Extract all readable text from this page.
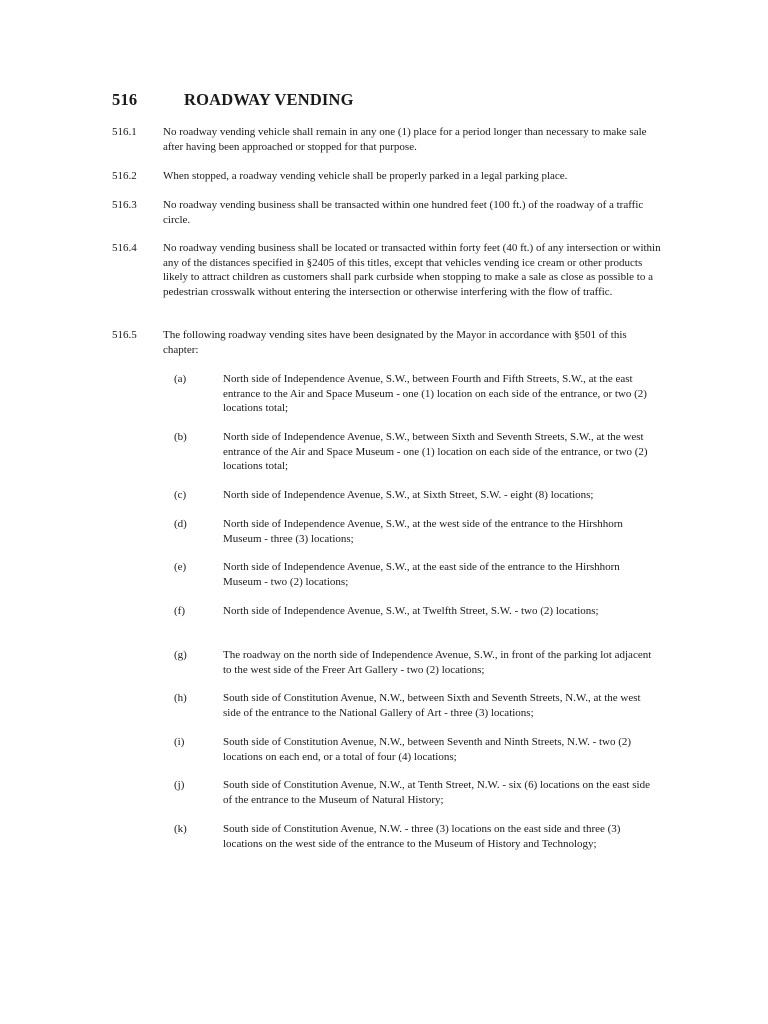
516	ROADWAY VENDING
516.1 No roadway vending vehicle shall remain in any one (1) place for a period longer than necessary to make sale after having been approached or stopped for that purpose.
516.2 When stopped, a roadway vending vehicle shall be properly parked in a legal parking place.
516.3 No roadway vending business shall be transacted within one hundred feet (100 ft.) of the roadway of a traffic circle.
516.4 No roadway vending business shall be located or transacted within forty feet (40 ft.) of any intersection or within any of the distances specified in §2405 of this titles, except that vehicles vending ice cream or other products likely to attract children as customers shall park curbside when stopping to make a sale as close as possible to a pedestrian crosswalk without entering the intersection or otherwise interfering with the flow of traffic.
516.5 The following roadway vending sites have been designated by the Mayor in accordance with §501 of this chapter:
(a)	North side of Independence Avenue, S.W., between Fourth and Fifth Streets, S.W., at the east entrance to the Air and Space Museum - one (1) location on each side of the entrance, or two (2) locations total;
(b)	North side of Independence Avenue, S.W., between Sixth and Seventh Streets, S.W., at the west entrance of the Air and Space Museum - one (1) location on each side of the entrance, or two (2) locations total;
(c)	North side of Independence Avenue, S.W., at Sixth Street, S.W. - eight (8) locations;
(d)	North side of Independence Avenue, S.W., at the west side of the entrance to the Hirshhorn Museum - three (3) locations;
(e)	North side of Independence Avenue, S.W., at the east side of the entrance to the Hirshhorn Museum - two (2) locations;
(f)	North side of Independence Avenue, S.W., at Twelfth Street, S.W. - two (2) locations;
(g)	The roadway on the north side of Independence Avenue, S.W., in front of the parking lot adjacent to the west side of the Freer Art Gallery - two (2) locations;
(h)	South side of Constitution Avenue, N.W., between Sixth and Seventh Streets, N.W., at the west side of the entrance to the National Gallery of Art - three (3) locations;
(i)	South side of Constitution Avenue, N.W., between Seventh and Ninth Streets, N.W. - two (2) locations on each end, or a total of four (4) locations;
(j)	South side of Constitution Avenue, N.W., at Tenth Street, N.W. - six (6) locations on the east side of the entrance to the Museum of Natural History;
(k)	South side of Constitution Avenue, N.W. - three (3) locations on the east side and three (3) locations on the west side of the entrance to the Museum of History and Technology;
